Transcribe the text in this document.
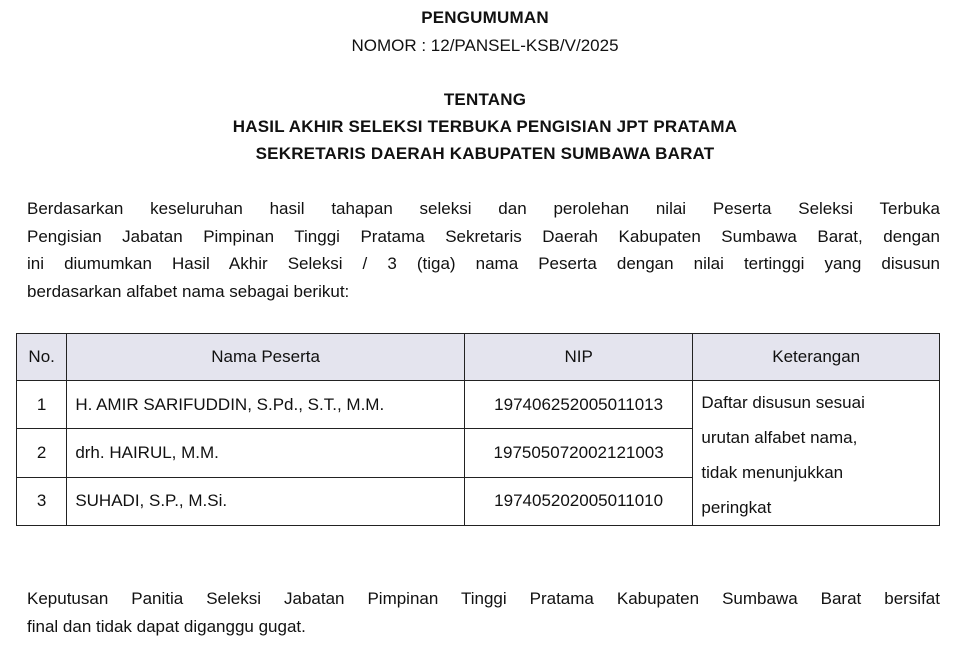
PENGUMUMAN
NOMOR : 12/PANSEL-KSB/V/2025
TENTANG
HASIL AKHIR SELEKSI TERBUKA PENGISIAN JPT PRATAMA
SEKRETARIS DAERAH KABUPATEN SUMBAWA BARAT
Berdasarkan keseluruhan hasil tahapan seleksi dan perolehan nilai Peserta Seleksi Terbuka
Pengisian Jabatan Pimpinan Tinggi Pratama Sekretaris Daerah Kabupaten Sumbawa Barat, dengan
ini diumumkan Hasil Akhir Seleksi / 3 (tiga) nama Peserta dengan nilai tertinggi yang disusun
berdasarkan alfabet nama sebagai berikut:
No.	Nama Peserta	NIP	Keterangan
1	H. AMIR SARIFUDDIN, S.Pd., S.T., M.M.	197406252005011013	Daftar disusun sesuai
urutan alfabet nama,
tidak menunjukkan
peringkat

2	drh. HAIRUL, M.M.	197505072002121003	
3	SUHADI, S.P., M.Si.	197405202005011010	
Keputusan Panitia Seleksi Jabatan Pimpinan Tinggi Pratama Kabupaten Sumbawa Barat bersifat
final dan tidak dapat diganggu gugat.
